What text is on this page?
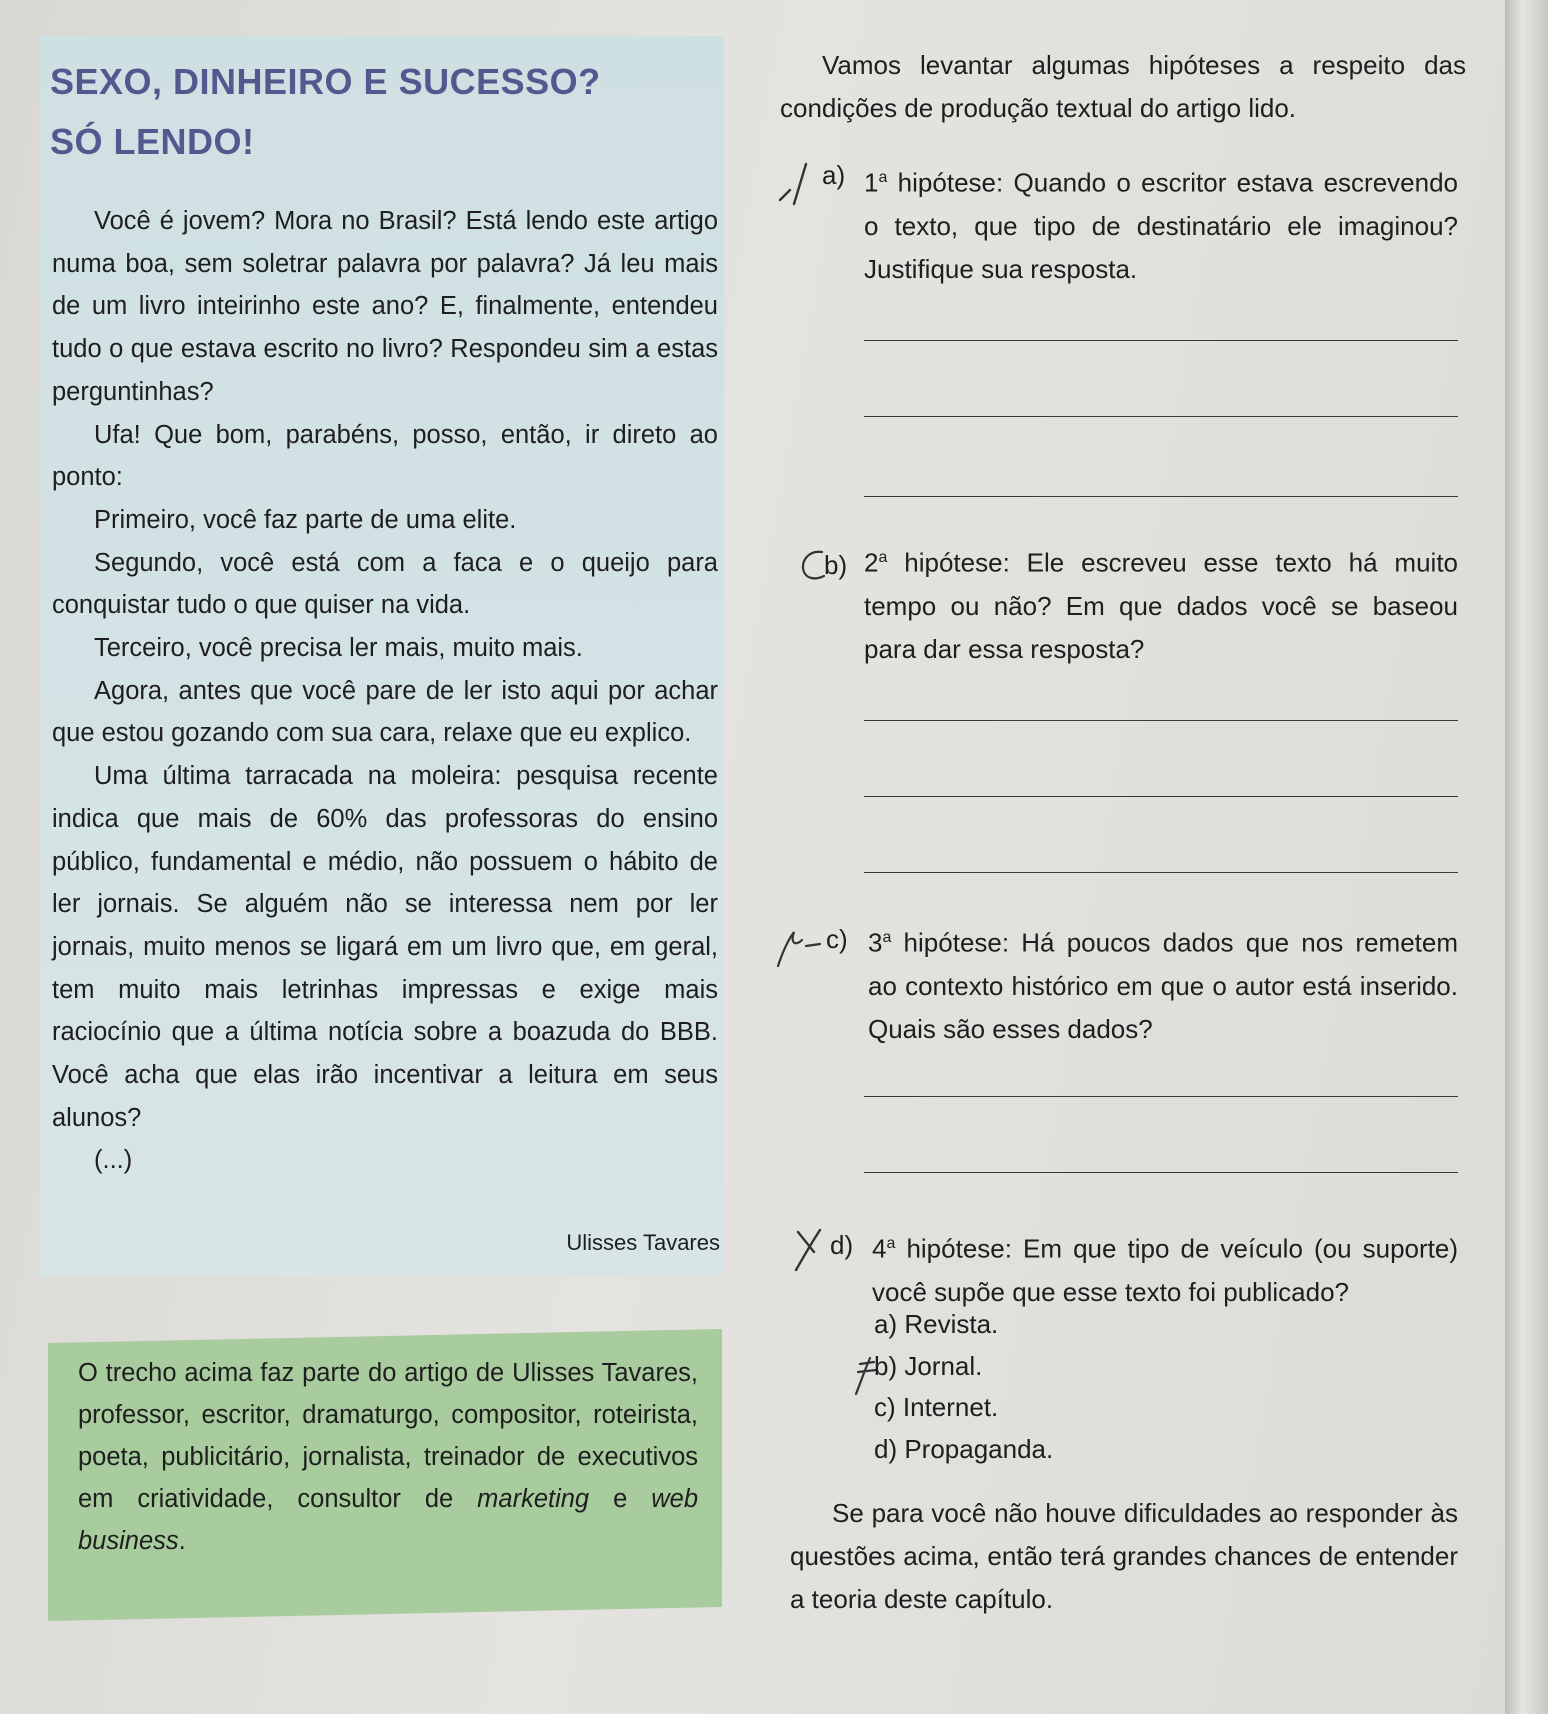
SEXO, DINHEIRO E SUCESSO?
SÓ LENDO!

Você é jovem? Mora no Brasil? Está lendo este artigo numa boa, sem soletrar palavra por palavra? Já leu mais de um livro inteirinho este ano? E, finalmente, entendeu tudo o que estava escrito no livro? Respondeu sim a estas perguntinhas?

Ufa! Que bom, parabéns, posso, então, ir direto ao ponto:

Primeiro, você faz parte de uma elite.

Segundo, você está com a faca e o queijo para conquistar tudo o que quiser na vida.

Terceiro, você precisa ler mais, muito mais.

Agora, antes que você pare de ler isto aqui por achar que estou gozando com sua cara, relaxe que eu explico.

Uma última tarracada na moleira: pesquisa recente indica que mais de 60% das professoras do ensino público, fundamental e médio, não possuem o hábito de ler jornais. Se alguém não se interessa nem por ler jornais, muito menos se ligará em um livro que, em geral, tem muito mais letrinhas impressas e exige mais raciocínio que a última notícia sobre a boazuda do BBB. Você acha que elas irão incentivar a leitura em seus alunos?

(...)

Ulisses Tavares
O trecho acima faz parte do artigo de Ulisses Tavares, professor, escritor, dramaturgo, compositor, roteirista, poeta, publicitário, jornalista, treinador de executivos em criatividade, consultor de marketing e web business.
Vamos levantar algumas hipóteses a respeito das condições de produção textual do artigo lido.
a) 1$^a$ hipótese: Quando o escritor estava escrevendo o texto, que tipo de destinatário ele imaginou? Justifique sua resposta.
b) 2$^a$ hipótese: Ele escreveu esse texto há muito tempo ou não? Em que dados você se baseou para dar essa resposta?
c) 3$^a$ hipótese: Há poucos dados que nos remetem ao contexto histórico em que o autor está inserido. Quais são esses dados?
d) 4$^a$ hipótese: Em que tipo de veículo (ou suporte) você supõe que esse texto foi publicado?
a) Revista.
b) Jornal.
c) Internet.
d) Propaganda.
Se para você não houve dificuldades ao responder às questões acima, então terá grandes chances de entender a teoria deste capítulo.
